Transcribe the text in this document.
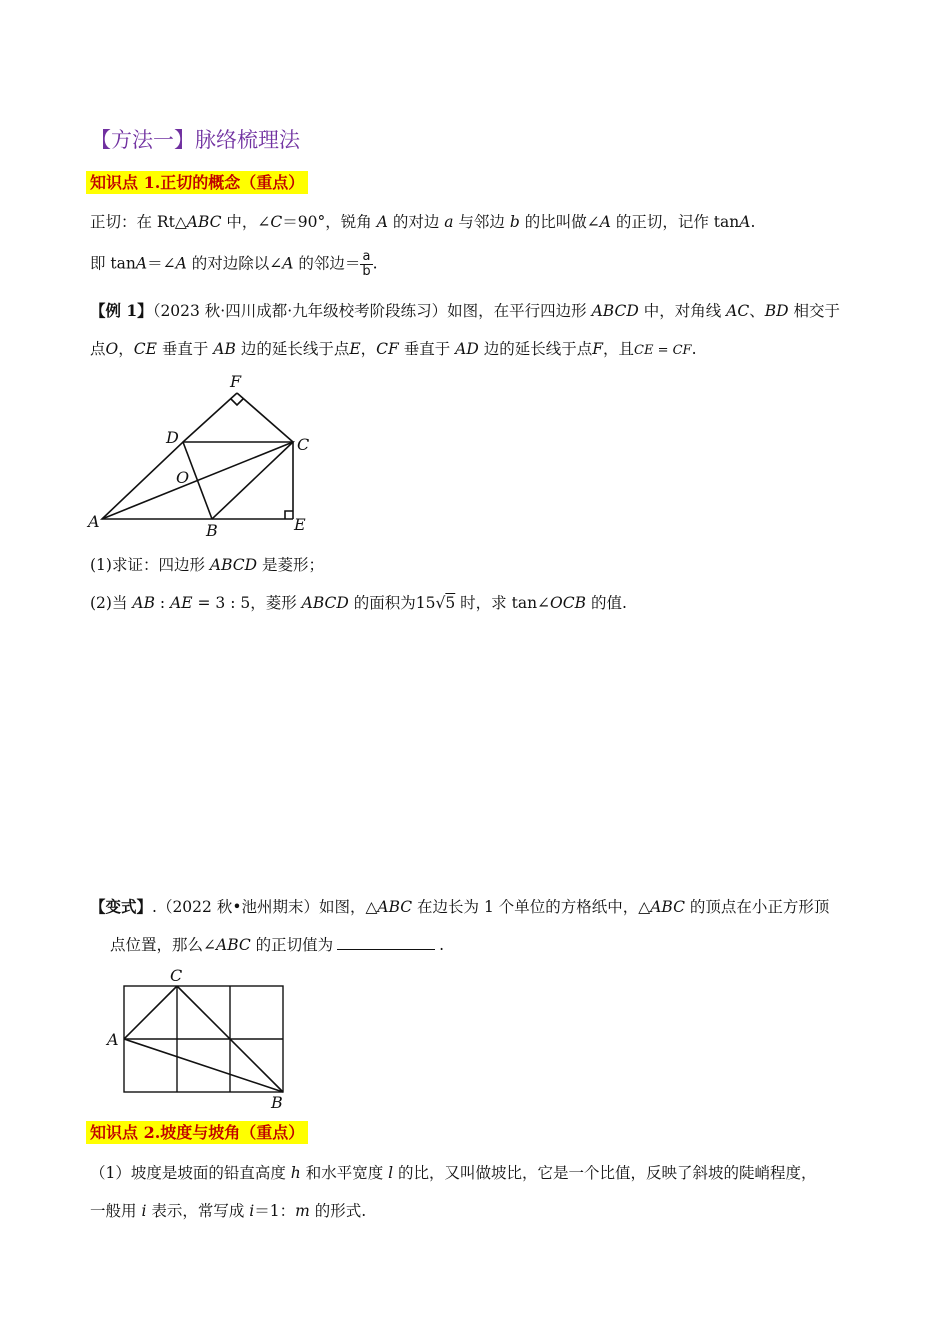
【方法一】脉络梳理法
知识点 1.正切的概念（重点）
正切：在 Rt△ABC 中，∠C＝90°，锐角 A 的对边 a 与邻边 b 的比叫做∠A 的正切，记作 tanA.
即 tanA＝∠A 的对边除以∠A 的邻边＝ $\frac{a}{b}$ .
【例 1】（2023 秋·四川成都·九年级校考阶段练习）如图，在平行四边形 ABCD 中，对角线 AC、BD 相交于
点O，CE 垂直于 AB 边的延长线于点E，CF 垂直于 AD 边的延长线于点F，且CE = CF.
F
D	C
O
A	B	E
(1)求证：四边形 ABCD 是菱形；
(2)当 AB : AE = 3 : 5，菱形 ABCD 的面积为15√5 时，求 tan∠OCB 的值.
【变式】.（2022 秋•池州期末）如图，△ABC 在边长为 1 个单位的方格纸中，△ABC 的顶点在小正方形顶
点位置，那么∠ABC 的正切值为	.
C
A
B
知识点 2.坡度与坡角（重点）
（1）坡度是坡面的铅直高度 h 和水平宽度 l 的比，又叫做坡比，它是一个比值，反映了斜坡的陡峭程度，
一般用 i 表示，常写成 i＝1：m 的形式.
